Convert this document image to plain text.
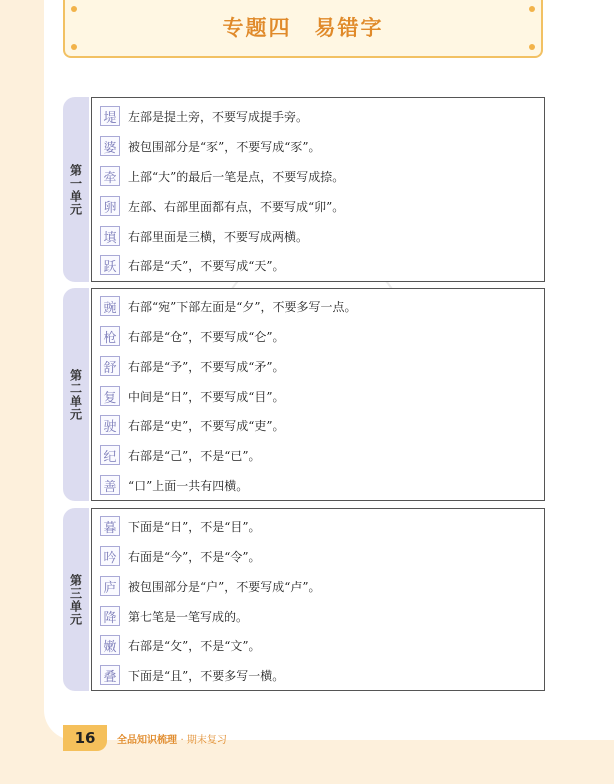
专题四　易错字
第一单元
堤 左部是提土旁，不要写成提手旁。
婆 被包围部分是“豕”，不要写成“豕”。
牵 上部“大”的最后一笔是点，不要写成捺。
卵 左部、右部里面都有点，不要写成“卯”。
填 右部里面是三横，不要写成两横。
跃 右部是“夭”，不要写成“天”。
第二单元
豌 右部“宛”下部左面是“夕”，不要多写一点。
枪 右部是“仓”，不要写成“仑”。
舒 右部是“予”，不要写成“矛”。
复 中间是“日”，不要写成“目”。
驶 右部是“史”，不要写成“吏”。
纪 右部是“己”，不是“已”。
善 “口”上面一共有四横。
第三单元
暮 下面是“日”，不是“目”。
吟 右面是“今”，不是“令”。
庐 被包围部分是“户”，不要写成“卢”。
降 第七笔是一笔写成的。
嫩 右部是“攵”，不是“文”。
叠 下面是“且”，不要多写一横。
16	全品知识梳理 · 期末复习
